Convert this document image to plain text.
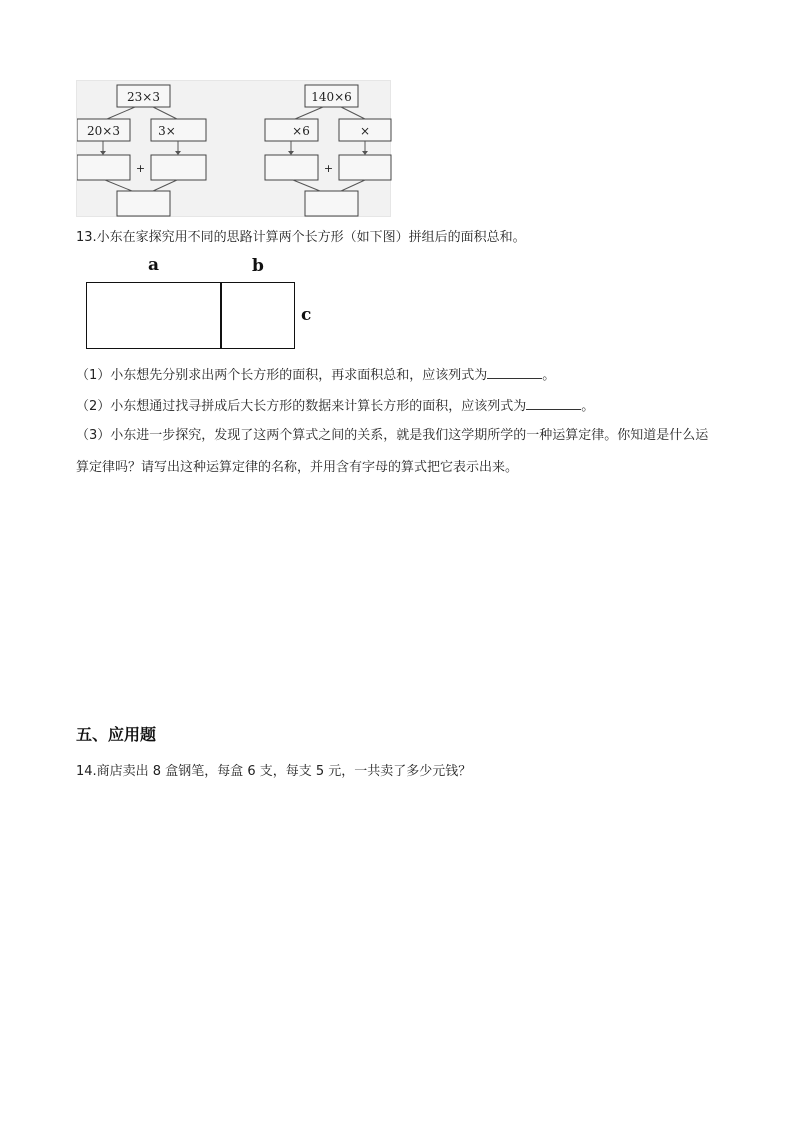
23×3
20×3	3×
+
140×6
×6	×
+
13.小东在家探究用不同的思路计算两个长方形（如下图）拼组后的面积总和。
a	b
c
（1）小东想先分别求出两个长方形的面积，再求面积总和，应该列式为	。
（2）小东想通过找寻拼成后大长方形的数据来计算长方形的面积，应该列式为	。
（3）小东进一步探究，发现了这两个算式之间的关系，就是我们这学期所学的一种运算定律。你知道是什么运算定律吗？请写出这种运算定律的名称，并用含有字母的算式把它表示出来。
五、应用题
14.商店卖出 8 盒钢笔，每盒 6 支，每支 5 元，一共卖了多少元钱？
